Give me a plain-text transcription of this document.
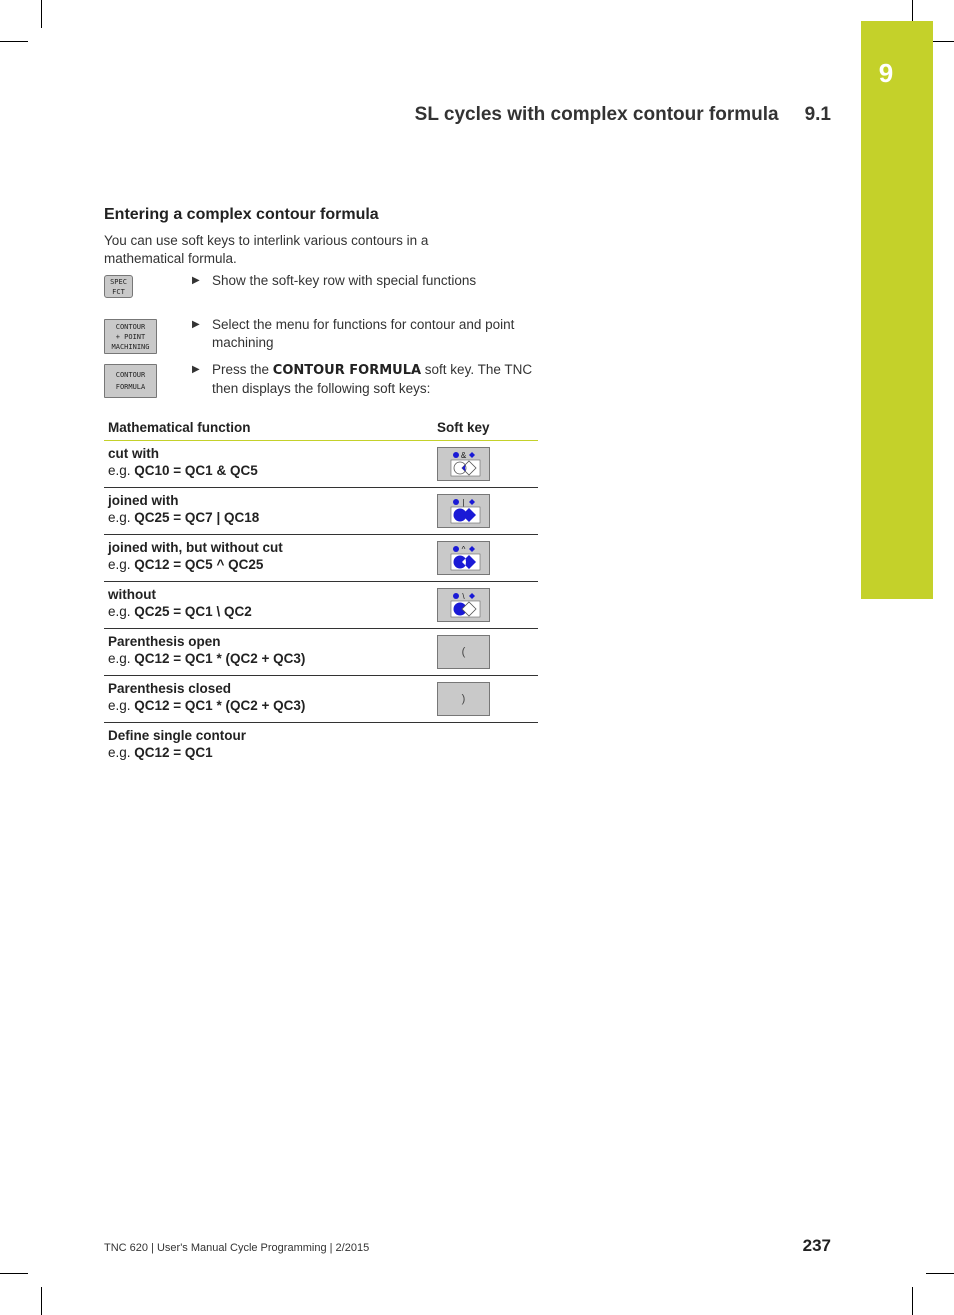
9
SL cycles with complex contour formula 9.1
Entering a complex contour formula
You can use soft keys to interlink various contours in a mathematical formula.
SPEC
FCT
CONTOUR
+ POINT
MACHINING
CONTOUR
FORMULA
▶ Show the soft-key row with special functions
▶ Select the menu for functions for contour and point machining
▶ Press the CONTOUR FORMULA soft key. The TNC then displays the following soft keys:
Mathematical function	Soft key

cut with
e.g. QC10 = QC1 & QC5	&

joined with
e.g. QC25 = QC7 | QC18	|

joined with, but without cut
e.g. QC12 = QC5 ^ QC25	^

without
e.g. QC25 = QC1 \ QC2	\

Parenthesis open
e.g. QC12 = QC1 * (QC2 + QC3)	(

Parenthesis closed
e.g. QC12 = QC1 * (QC2 + QC3)	)

Define single contour
e.g. QC12 = QC1	

TNC 620 | User's Manual Cycle Programming | 2/2015	237
